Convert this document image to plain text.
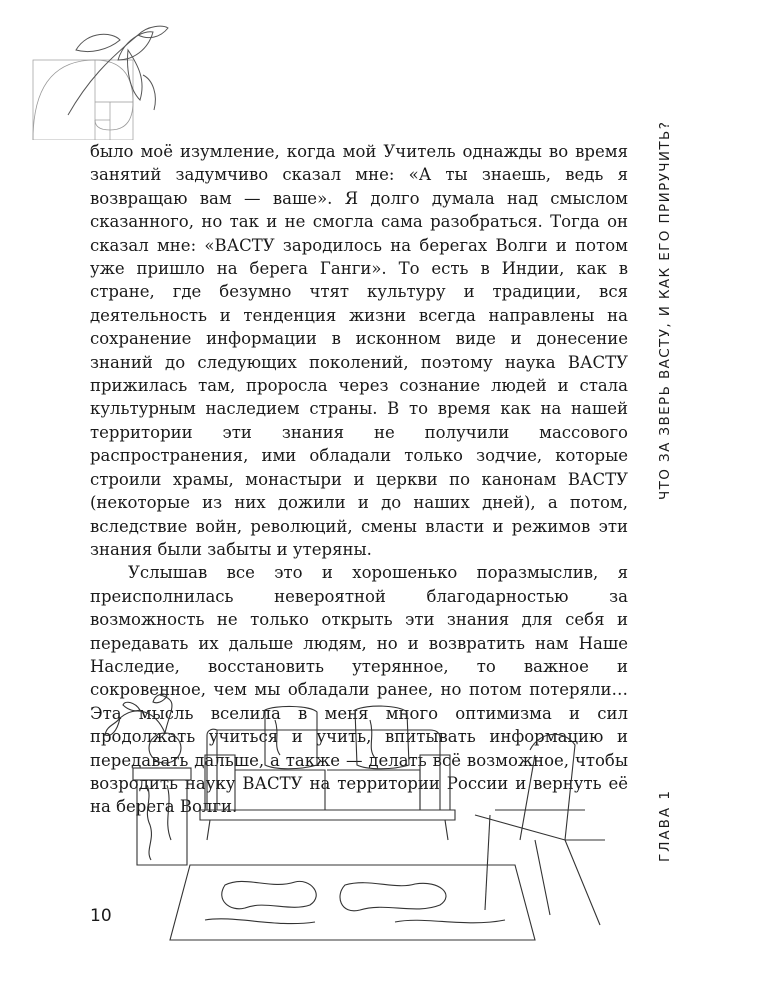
было моё изумление, когда мой Учитель однажды во время занятий задумчиво сказал мне: «А ты знаешь, ведь я возвращаю вам — ваше». Я долго думала над смыслом сказанного, но так и не смогла сама разобраться. Тогда он сказал мне: «ВАСТУ зародилось на берегах Волги и потом уже пришло на берега Ганги». То есть в Индии, как в стране, где безумно чтят культуру и традиции, вся деятельность и тенденция жизни всегда направлены на сохранение информации в исконном виде и донесение знаний до следующих поколений, поэтому наука ВАСТУ прижилась там, проросла через сознание людей и стала культурным наследием страны. В то время как на нашей территории эти знания не получили массового распространения, ими обладали только зодчие, которые строили храмы, монастыри и церкви по канонам ВАСТУ (некоторые из них дожили и до наших дней), а потом, вследствие войн, революций, смены власти и режимов эти знания были забыты и утеряны.

Услышав все это и хорошенько поразмыслив, я преисполнилась невероятной благодарностью за возможность не только открыть эти знания для себя и передавать их дальше людям, но и возвратить нам Наше Наследие, восстановить утерянное, то важное и сокровенное, чем мы обладали ранее, но потом потеряли… Эта мысль вселила в меня много оптимизма и сил продолжать учиться и учить, впитывать информацию и передавать дальше, а также — делать всё возможное, чтобы возродить науку ВАСТУ на территории России и вернуть её на берега Волги.

ЧТО ЗА ЗВЕРЬ ВАСТУ, И КАК ЕГО ПРИРУЧИТЬ?
ГЛАВА 1
10
